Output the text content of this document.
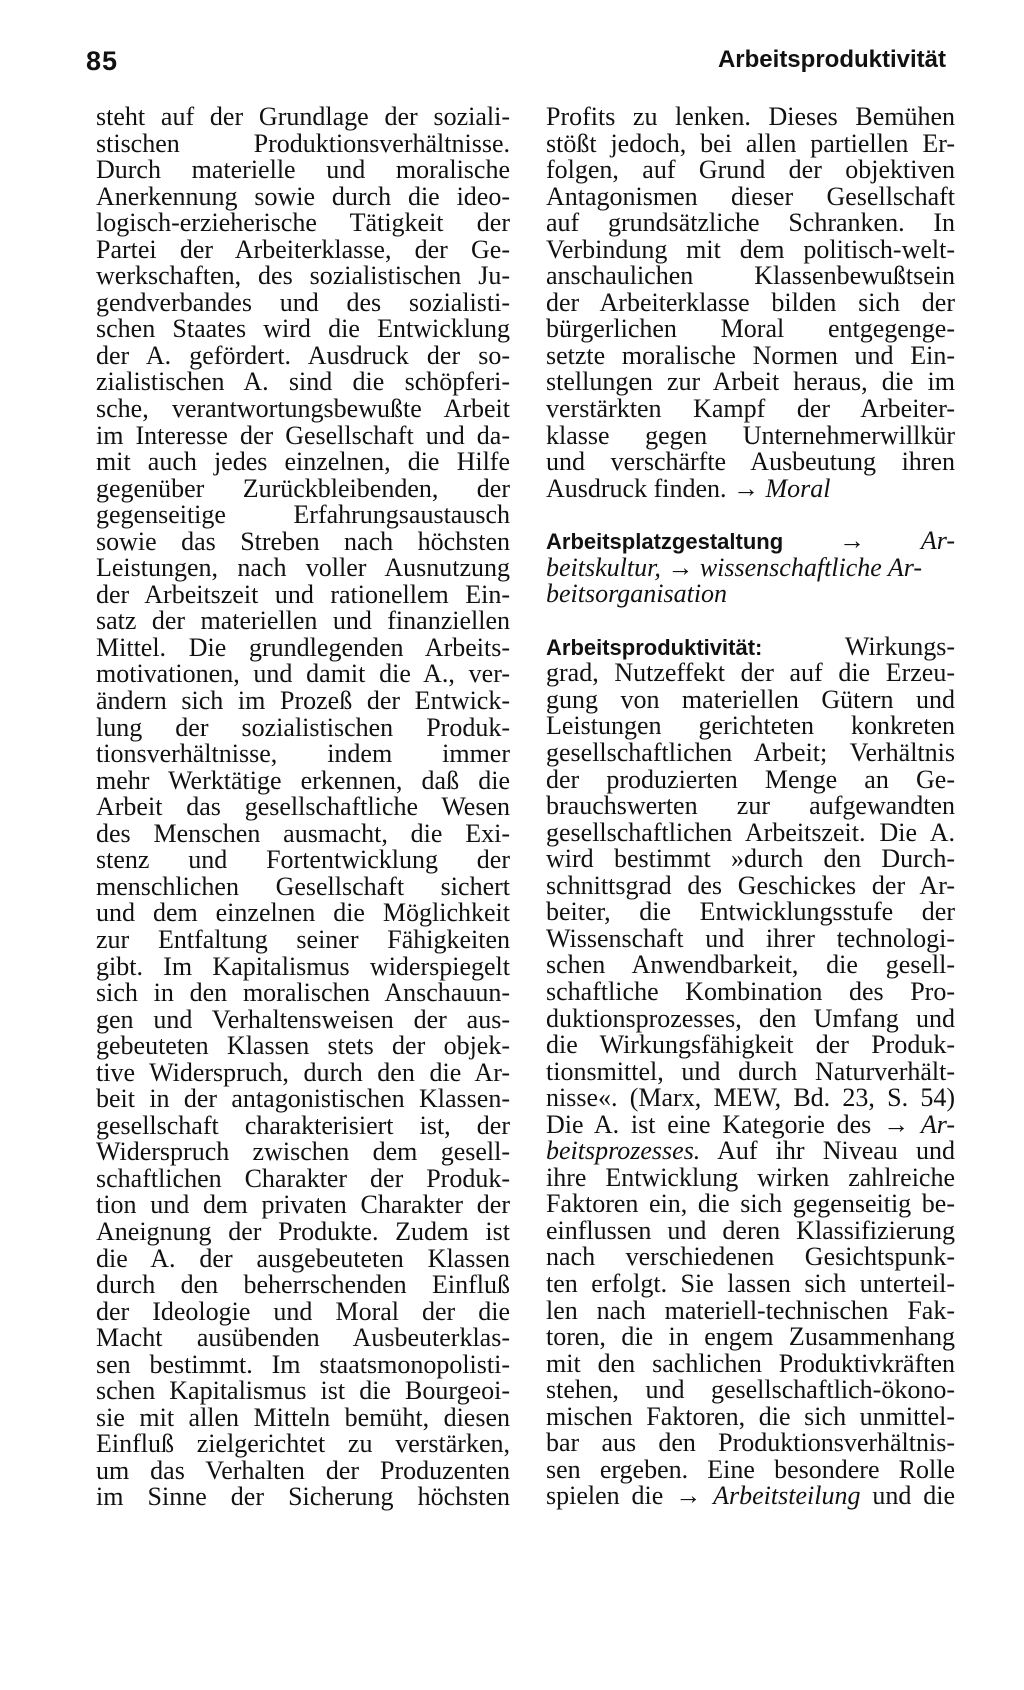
85	Arbeitsproduktivität
steht auf der Grundlage der soziali-
stischen Produktionsverhältnisse.
Durch materielle und moralische
Anerkennung sowie durch die ideo-
logisch-erzieherische Tätigkeit der
Partei der Arbeiterklasse, der Ge-
werkschaften, des sozialistischen Ju-
gendverbandes und des sozialisti-
schen Staates wird die Entwicklung
der A. gefördert. Ausdruck der so-
zialistischen A. sind die schöpferi-
sche, verantwortungsbewußte Arbeit
im Interesse der Gesellschaft und da-
mit auch jedes einzelnen, die Hilfe
gegenüber Zurückbleibenden, der
gegenseitige Erfahrungsaustausch
sowie das Streben nach höchsten
Leistungen, nach voller Ausnutzung
der Arbeitszeit und rationellem Ein-
satz der materiellen und finanziellen
Mittel. Die grundlegenden Arbeits-
motivationen, und damit die A., ver-
ändern sich im Prozeß der Entwick-
lung der sozialistischen Produk-
tionsverhältnisse, indem immer
mehr Werktätige erkennen, daß die
Arbeit das gesellschaftliche Wesen
des Menschen ausmacht, die Exi-
stenz und Fortentwicklung der
menschlichen Gesellschaft sichert
und dem einzelnen die Möglichkeit
zur Entfaltung seiner Fähigkeiten
gibt. Im Kapitalismus widerspiegelt
sich in den moralischen Anschauun-
gen und Verhaltensweisen der aus-
gebeuteten Klassen stets der objek-
tive Widerspruch, durch den die Ar-
beit in der antagonistischen Klassen-
gesellschaft charakterisiert ist, der
Widerspruch zwischen dem gesell-
schaftlichen Charakter der Produk-
tion und dem privaten Charakter der
Aneignung der Produkte. Zudem ist
die A. der ausgebeuteten Klassen
durch den beherrschenden Einfluß
der Ideologie und Moral der die
Macht ausübenden Ausbeuterklas-
sen bestimmt. Im staatsmonopolisti-
schen Kapitalismus ist die Bourgeoi-
sie mit allen Mitteln bemüht, diesen
Einfluß zielgerichtet zu verstärken,
um das Verhalten der Produzenten
im Sinne der Sicherung höchsten
Profits zu lenken. Dieses Bemühen
stößt jedoch, bei allen partiellen Er-
folgen, auf Grund der objektiven
Antagonismen dieser Gesellschaft
auf grundsätzliche Schranken. In
Verbindung mit dem politisch-welt-
anschaulichen Klassenbewußtsein
der Arbeiterklasse bilden sich der
bürgerlichen Moral entgegenge-
setzte moralische Normen und Ein-
stellungen zur Arbeit heraus, die im
verstärkten Kampf der Arbeiter-
klasse gegen Unternehmerwillkür
und verschärfte Ausbeutung ihren
Ausdruck finden. → Moral
Arbeitsplatzgestaltung → Ar-
beitskultur, → wissenschaftliche Ar-
beitsorganisation
Arbeitsproduktivität:	Wirkungs-
grad, Nutzeffekt der auf die Erzeu-
gung von materiellen Gütern und
Leistungen gerichteten konkreten
gesellschaftlichen Arbeit; Verhältnis
der produzierten Menge an Ge-
brauchswerten zur aufgewandten
gesellschaftlichen Arbeitszeit. Die A.
wird bestimmt »durch den Durch-
schnittsgrad des Geschickes der Ar-
beiter, die Entwicklungsstufe der
Wissenschaft und ihrer technologi-
schen Anwendbarkeit, die gesell-
schaftliche Kombination des Pro-
duktionsprozesses, den Umfang und
die Wirkungsfähigkeit der Produk-
tionsmittel, und durch Naturverhält-
nisse«. (Marx, MEW, Bd. 23, S. 54)
Die A. ist eine Kategorie des → Ar-
beitsprozesses. Auf ihr Niveau und
ihre Entwicklung wirken zahlreiche
Faktoren ein, die sich gegenseitig be-
einflussen und deren Klassifizierung
nach verschiedenen Gesichtspunk-
ten erfolgt. Sie lassen sich unterteil-
len nach materiell-technischen Fak-
toren, die in engem Zusammenhang
mit den sachlichen Produktivkräften
stehen, und gesellschaftlich-ökono-
mischen Faktoren, die sich unmittel-
bar aus den Produktionsverhältnis-
sen ergeben. Eine besondere Rolle
spielen die → Arbeitsteilung und die
